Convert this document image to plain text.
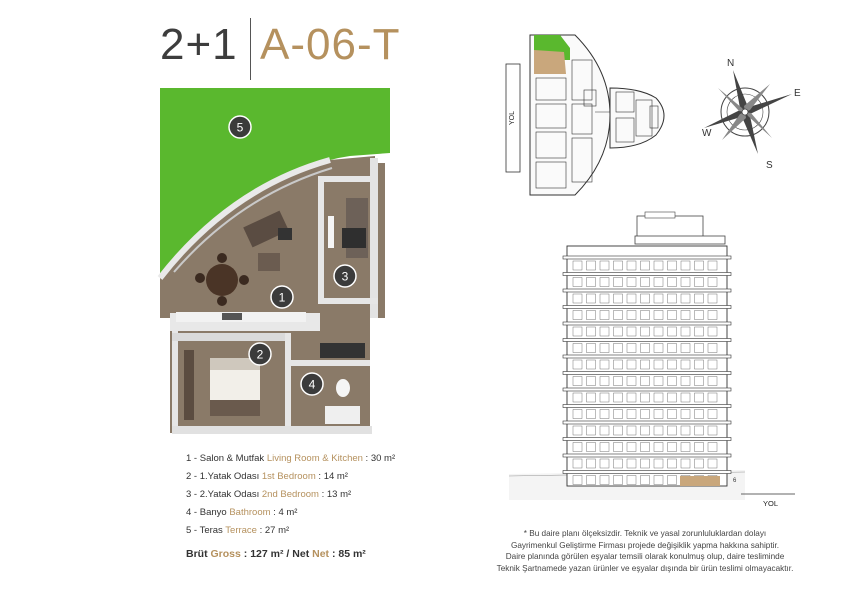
2+1 A-06-T
5
3
1
2
4
YOL
N
E
S
W
YOL
6
1 - Salon & Mutfak Living Room & Kitchen : 30 m²
2 - 1.Yatak Odası 1st Bedroom : 14 m²
3 - 2.Yatak Odası 2nd Bedroom : 13 m²
4 - Banyo Bathroom : 4 m²
5 - Teras Terrace : 27 m²
Brüt Gross : 127 m² / Net Net : 85 m²
* Bu daire planı ölçeksizdir. Teknik ve yasal zorunluluklardan dolayı
Gayrimenkul Geliştirme Firması projede değişiklik yapma hakkına sahiptir.
Daire planında görülen eşyalar temsili olarak konulmuş olup, daire tesliminde
Teknik Şartnamede yazan ürünler ve eşyalar dışında bir ürün teslimi olmayacaktır.
